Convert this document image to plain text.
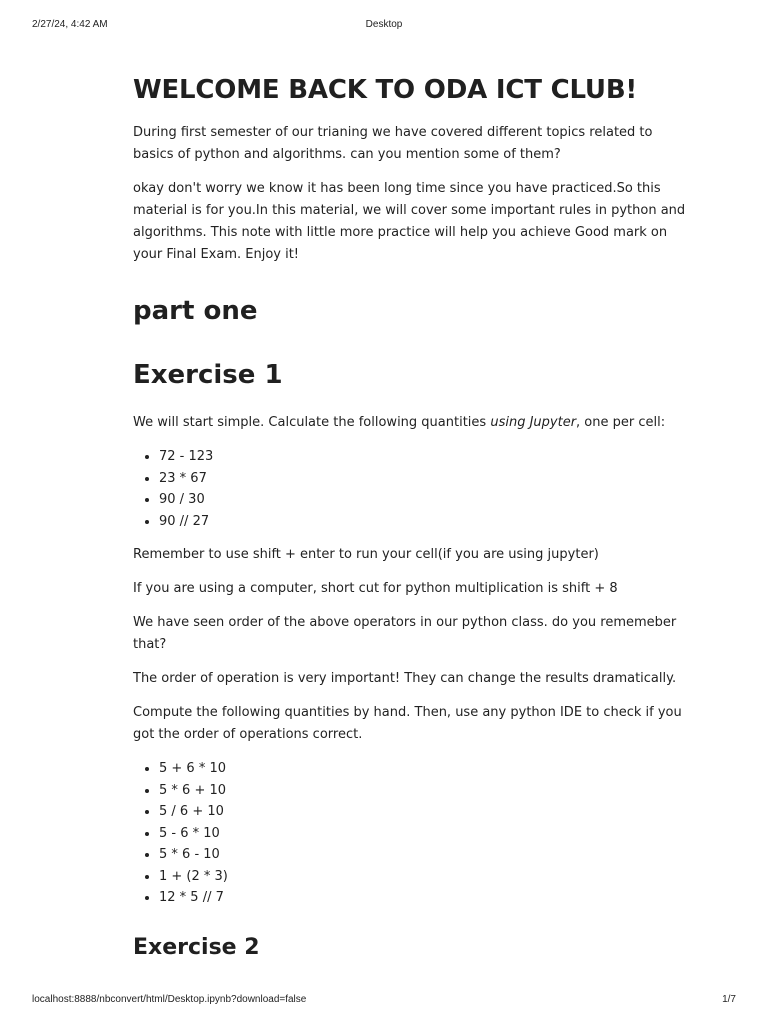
2/27/24, 4:42 AM	Desktop
WELCOME BACK TO ODA ICT CLUB!

During first semester of our trianing we have covered different topics related to basics of python and algorithms. can you mention some of them?

okay don't worry we know it has been long time since you have practiced.So this material is for you.In this material, we will cover some important rules in python and algorithms. This note with little more practice will help you achieve Good mark on your Final Exam. Enjoy it!

part one
Exercise 1

We will start simple. Calculate the following quantities using Jupyter, one per cell:

• 72 - 123
• 23 * 67
• 90 / 30
• 90 // 27

Remember to use shift + enter to run your cell(if you are using jupyter)

If you are using a computer, short cut for python multiplication is shift + 8

We have seen order of the above operators in our python class. do you rememeber that?

The order of operation is very important! They can change the results dramatically.

Compute the following quantities by hand. Then, use any python IDE to check if you got the order of operations correct.

• 5 + 6 * 10
• 5 * 6 + 10
• 5 / 6 + 10
• 5 - 6 * 10
• 5 * 6 - 10
• 1 + (2 * 3)
• 12 * 5 // 7
Exercise 2
localhost:8888/nbconvert/html/Desktop.ipynb?download=false	1/7
